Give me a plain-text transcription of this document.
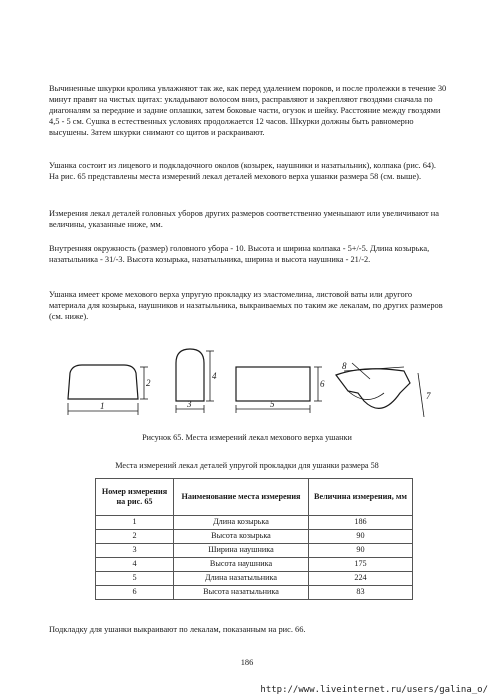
Вычиненные шкурки кролика увлажняют так же, как перед удалением пороков, и после пролежки в течение 30 минут правят на чистых щитах: укладывают волосом вниз, расправляют и закрепляют гвоздями сначала по диагоналям за передние и задние оплашки, затем боковые части, огузок и шейку. Расстояние между гвоздями 4,5 - 5 см. Сушка в естественных условиях продолжается 12 часов. Шкурки должны быть равномерно высушены. Затем шкурки снимают со щитов и раскраивают.

Ушанка состоит из лицевого и подкладочного околов (козырек, наушники и назатыльник), колпака (рис. 64). На рис. 65 представлены места измерений лекал деталей мехового верха ушанки размера 58 (см. выше).

Измерения лекал деталей головных уборов других размеров соответственно уменьшают или увеличивают на величины, указанные ниже, мм.

Внутренняя окружность (размер) головного убора - 10. Высота и ширина колпака - 5+/-5. Длина козырька, назатыльника - 31/-3. Высота козырька, назатыльника, ширина и высота наушника - 21/-2.

Ушанка имеет кроме мехового верха упругую прокладку из эластомелина, листовой ваты или другого материала для козырька, наушников и назатыльника, выкраиваемых по таким же лекалам, по других размеров (см. ниже).

1
2
3
4
5
6
7
8
Рисунок 65. Места измерений лекал мехового верха ушанки
Места измерений лекал деталей упругой прокладки для ушанки размера 58
Номер измерения на рис. 65	Наименование места измерения	Величина измерения, мм
1	Длина козырька	186
2	Высота козырька	90
3	Ширина наушника	90
4	Высота наушника	175
5	Длина назатыльника	224
6	Высота назатыльника	83

Подкладку для ушанки выкраивают по лекалам, показанным на рис. 66.

186
http://www.liveinternet.ru/users/galina_o/
